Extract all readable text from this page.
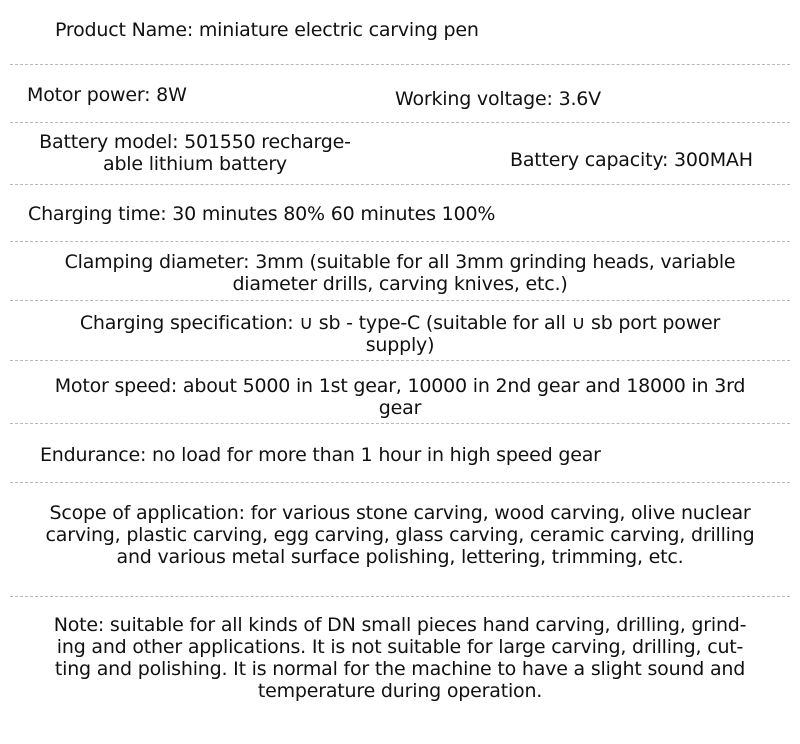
Product Name: miniature electric carving pen
Motor power: 8W	Working voltage: 3.6V
Battery model: 501550 recharge-
able lithium battery	Battery capacity: 300MAH
Charging time: 30 minutes 80% 60 minutes 100%
Clamping diameter: 3mm (suitable for all 3mm grinding heads, variable
diameter drills, carving knives, etc.)
Charging specification: ∪ sb - type-C (suitable for all ∪ sb port power
supply)
Motor speed: about 5000 in 1st gear, 10000 in 2nd gear and 18000 in 3rd
gear
Endurance: no load for more than 1 hour in high speed gear
Scope of application: for various stone carving, wood carving, olive nuclear
carving, plastic carving, egg carving, glass carving, ceramic carving, drilling
and various metal surface polishing, lettering, trimming, etc.
Note: suitable for all kinds of DN small pieces hand carving, drilling, grind-
ing and other applications. It is not suitable for large carving, drilling, cut-
ting and polishing. It is normal for the machine to have a slight sound and
temperature during operation.
